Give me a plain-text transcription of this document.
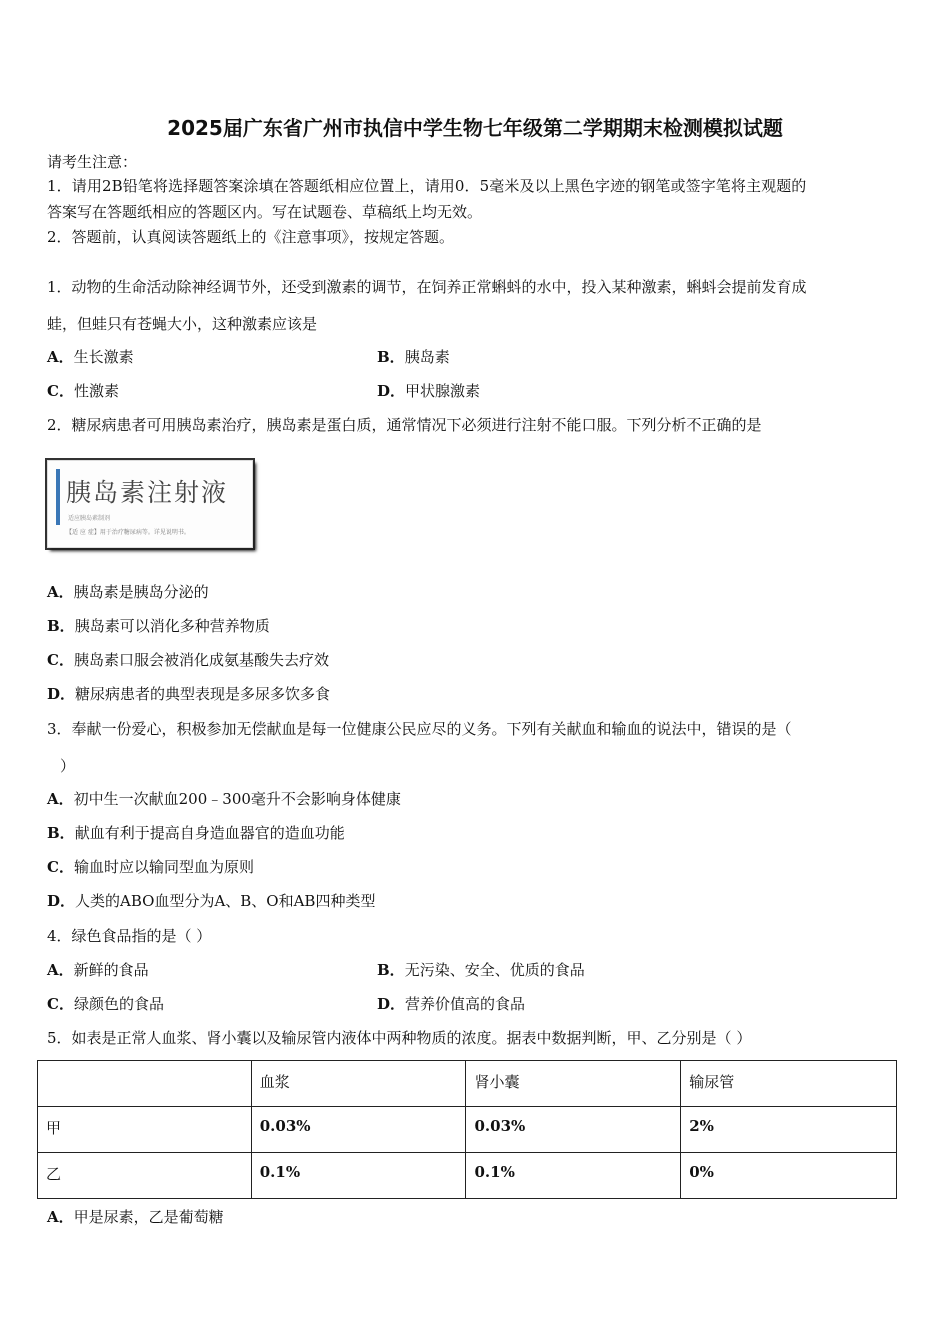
2025届广东省广州市执信中学生物七年级第二学期期末检测模拟试题
请考生注意：
1．请用2B铅笔将选择题答案涂填在答题纸相应位置上，请用0．5毫米及以上黑色字迹的钢笔或签字笔将主观题的
答案写在答题纸相应的答题区内。写在试题卷、草稿纸上均无效。
2．答题前，认真阅读答题纸上的《注意事项》，按规定答题。
1．动物的生命活动除神经调节外，还受到激素的调节，在饲养正常蝌蚪的水中，投入某种激素，蝌蚪会提前发育成
蛙，但蛙只有苍蝇大小，这种激素应该是
A．生长激素	B．胰岛素
C．性激素	D．甲状腺激素
2．糖尿病患者可用胰岛素治疗，胰岛素是蛋白质，通常情况下必须进行注射不能口服。下列分析不正确的是
胰岛素注射液
适应胰岛素制剂
【适 应 症】用于治疗糖尿病等。详见说明书。
A．胰岛素是胰岛分泌的
B．胰岛素可以消化多种营养物质
C．胰岛素口服会被消化成氨基酸失去疗效
D．糖尿病患者的典型表现是多尿多饮多食
3．奉献一份爱心，积极参加无偿献血是每一位健康公民应尽的义务。下列有关献血和输血的说法中，错误的是（
）
A．初中生一次献血200﹣300毫升不会影响身体健康
B．献血有利于提高自身造血器官的造血功能
C．输血时应以输同型血为原则
D．人类的ABO血型分为A、B、O和AB四种类型
4．绿色食品指的是（ ）
A．新鲜的食品	B．无污染、安全、优质的食品
C．绿颜色的食品	D．营养价值高的食品
5．如表是正常人血浆、肾小囊以及输尿管内液体中两种物质的浓度。据表中数据判断，甲、乙分别是（ ）
	血浆	肾小囊	输尿管
甲	0.03%	0.03%	2%
乙	0.1%	0.1%	0%
A．甲是尿素，乙是葡萄糖
